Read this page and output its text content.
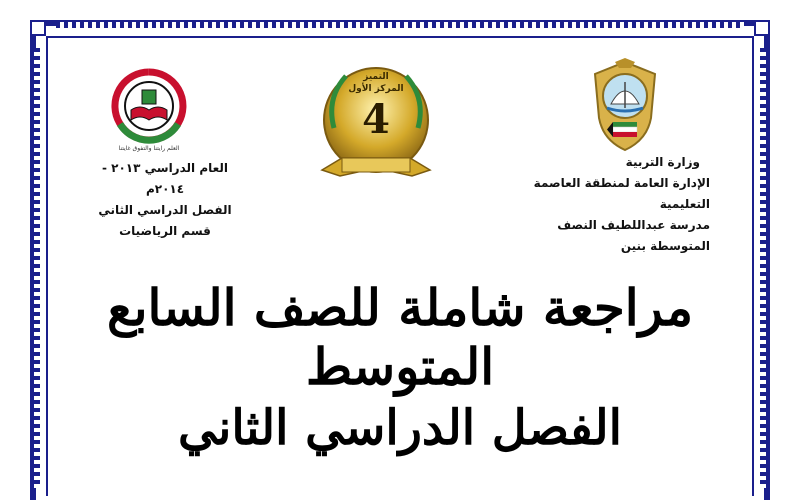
التميز
المركز الأول
4
العلم رايتنا والتفوق غايتنا
وزارة التربية
الإدارة العامة لمنطقة العاصمة التعليمية
مدرسة عبداللطيف النصف المتوسطة بنين
العام الدراسي ٢٠١٣ - ٢٠١٤م
الفصل الدراسي الثاني
قسم الرياضيات
مراجعة شاملة للصف السابع المتوسط
الفصل الدراسي الثاني
